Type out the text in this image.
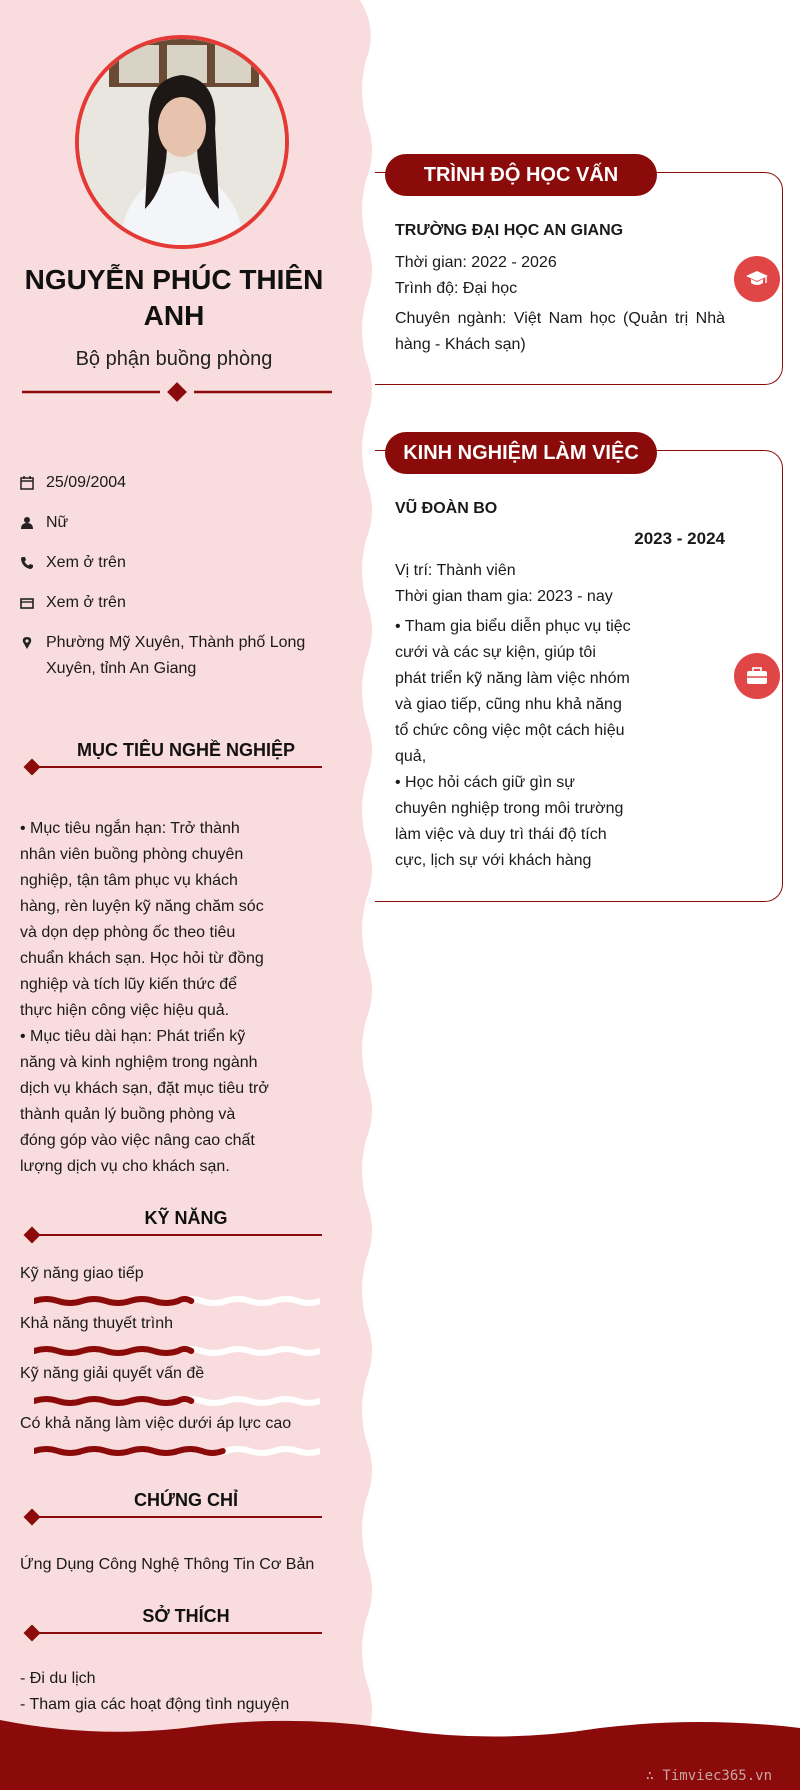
NGUYỄN PHÚC THIÊN ANH
Bộ phận buồng phòng
25/09/2004
Nữ
Xem ở trên
Xem ở trên
Phường Mỹ Xuyên, Thành phố Long Xuyên, tỉnh An Giang
MỤC TIÊU NGHỀ NGHIỆP
• Mục tiêu ngắn hạn: Trở thành nhân viên buồng phòng chuyên nghiệp, tận tâm phục vụ khách hàng, rèn luyện kỹ năng chăm sóc và dọn dẹp phòng ốc theo tiêu chuẩn khách sạn. Học hỏi từ đồng nghiệp và tích lũy kiến thức để thực hiện công việc hiệu quả.
• Mục tiêu dài hạn: Phát triển kỹ năng và kinh nghiệm trong ngành dịch vụ khách sạn, đặt mục tiêu trở thành quản lý buồng phòng và đóng góp vào việc nâng cao chất lượng dịch vụ cho khách sạn.
KỸ NĂNG
Kỹ năng giao tiếp
Khả năng thuyết trình
Kỹ năng giải quyết vấn đề
Có khả năng làm việc dưới áp lực cao
CHỨNG CHỈ
Ứng Dụng Công Nghệ Thông Tin Cơ Bản
SỞ THÍCH
- Đi du lịch
- Tham gia các hoạt động tình nguyện
TRÌNH ĐỘ HỌC VẤN
TRƯỜNG ĐẠI HỌC AN GIANG
Thời gian: 2022 - 2026
Trình độ: Đại học
Chuyên ngành: Việt Nam học (Quản trị Nhà hàng - Khách sạn)
KINH NGHIỆM LÀM VIỆC
VŨ ĐOÀN BO
2023 - 2024
Vị trí: Thành viên
Thời gian tham gia: 2023 - nay
• Tham gia biểu diễn phục vụ tiệc cưới và các sự kiện, giúp tôi phát triển kỹ năng làm việc nhóm và giao tiếp, cũng nhu khả năng tổ chức công việc một cách hiệu quả,
• Học hỏi cách giữ gìn sự chuyên nghiệp trong môi trường làm việc và duy trì thái độ tích cực, lịch sự với khách hàng
∴ Timviec365.vn
